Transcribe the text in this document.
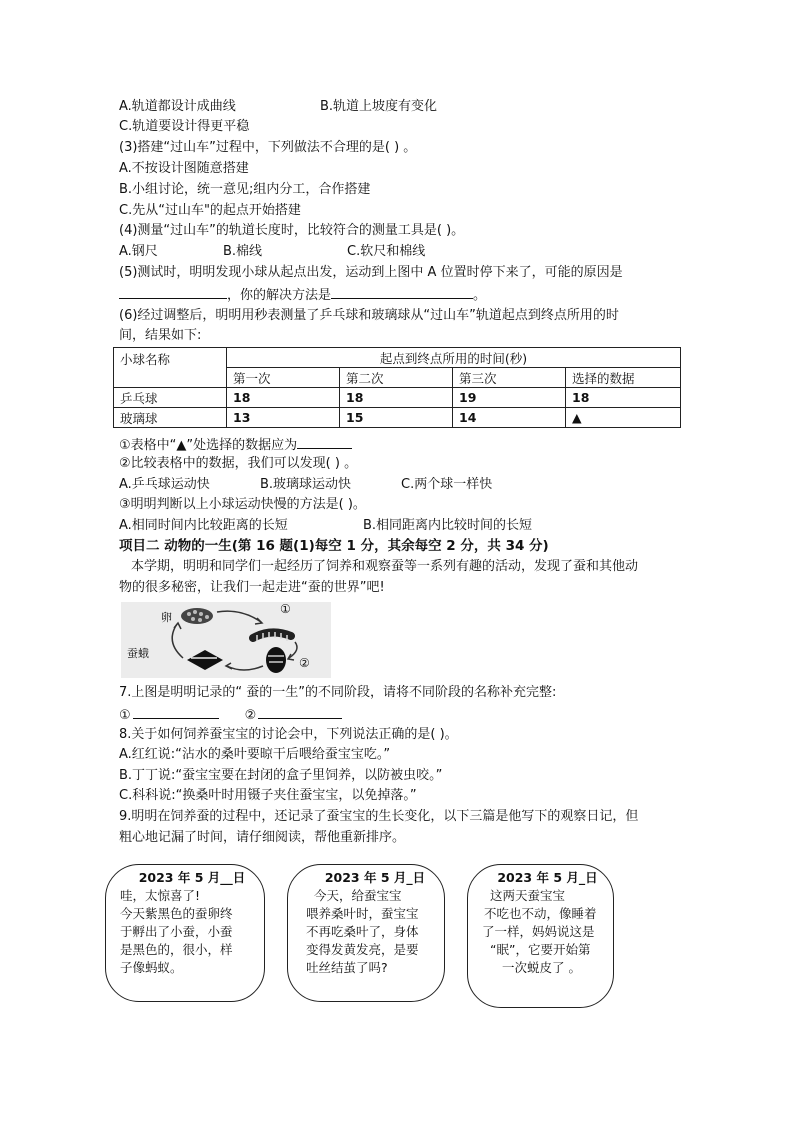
A.轨道都设计成曲线	B.轨道上坡度有变化
C.轨道要设计得更平稳
(3)搭建“过山车”过程中，下列做法不合理的是( ) 。
A.不按设计图随意搭建
B.小组讨论，统一意见;组内分工，合作搭建
C.先从“过山车"的起点开始搭建
(4)测量“过山车”的轨道长度时，比较符合的测量工具是( )。
A.钢尺	B.棉线	C.软尺和棉线
(5)测试时，明明发现小球从起点出发，运动到上图中 A 位置时停下来了，可能的原因是
，你的解决方法是	。
(6)经过调整后，明明用秒表测量了乒乓球和玻璃球从“过山车”轨道起点到终点所用的时
间，结果如下:
小球名称	起点到终点所用的时间(秒)			
	第一次	第二次	第三次	选择的数据
乒乓球	18	18	19	18
玻璃球	13	15	14	▲
①表格中“▲”处选择的数据应为
②比较表格中的数据，我们可以发现( ) 。
A.乒乓球运动快	B.玻璃球运动快	C.两个球一样快
③明明判断以上小球运动快慢的方法是( )。
A.相同时间内比较距离的长短	B.相同距离内比较时间的长短
项目二 动物的一生(第 16 题(1)每空 1 分，其余每空 2 分，共 34 分)
本学期，明明和同学们一起经历了饲养和观察蚕等一系列有趣的活动，发现了蚕和其他动
物的很多秘密，让我们一起走进“蚕的世界”吧!
卵
蚕蛾
①
②
7.上图是明明记录的“ 蚕的一生”的不同阶段，请将不同阶段的名称补充完整:
①	②
8.关于如何饲养蚕宝宝的讨论会中，下列说法正确的是( )。
A.红红说:“沾水的桑叶要晾干后喂给蚕宝宝吃。”
B.丁丁说:“蚕宝宝要在封闭的盒子里饲养，以防被虫咬。”
C.科科说:“换桑叶时用镊子夹住蚕宝宝，以免掉落。”
9.明明在饲养蚕的过程中，还记录了蚕宝宝的生长变化，以下三篇是他写下的观察日记，但
粗心地记漏了时间，请仔细阅读，帮他重新排序。
2023 年 5 月__日
哇，太惊喜了!
今天紫黑色的蚕卵终
于孵出了小蚕，小蚕
是黑色的，很小，样
子像蚂蚁。
2023 年 5 月_日
今天，给蚕宝宝
喂养桑叶时，蚕宝宝
不再吃桑叶了，身体
变得发黄发亮，是要
吐丝结茧了吗?
2023 年 5 月_日
这两天蚕宝宝
不吃也不动，像睡着
了一样，妈妈说这是
“眠”，它要开始第
一次蜕皮了 。
